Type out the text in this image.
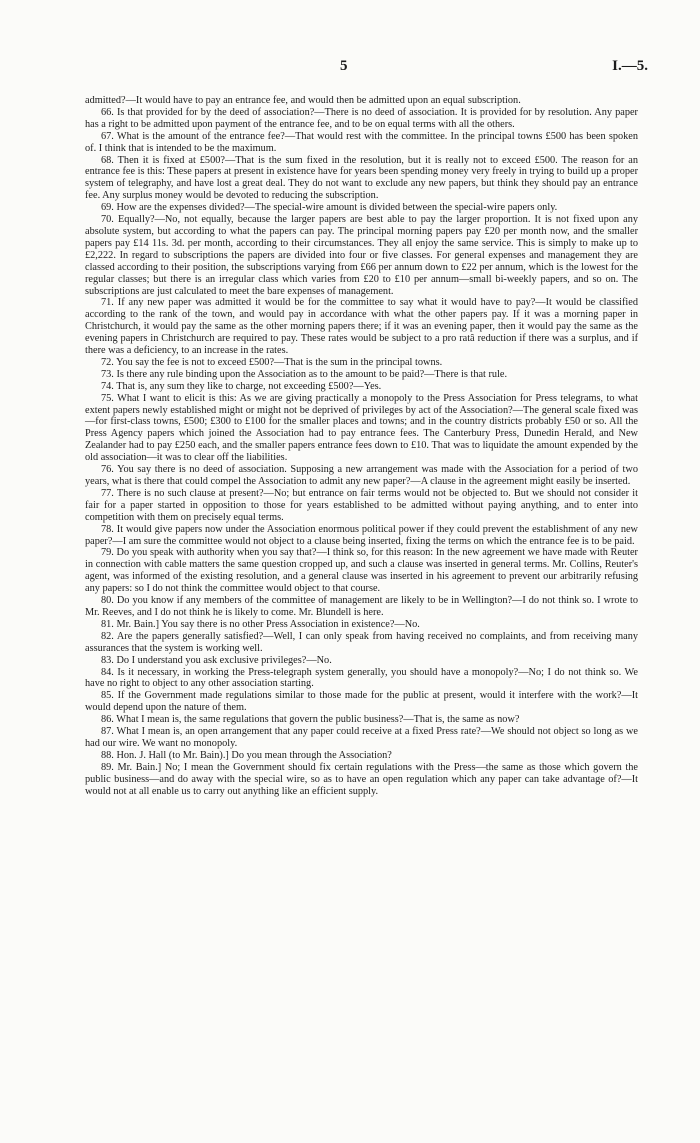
5	I.—5.

admitted?—It would have to pay an entrance fee, and would then be admitted upon an equal subscription.

66. Is that provided for by the deed of association?—There is no deed of association. It is provided for by resolution. Any paper has a right to be admitted upon payment of the entrance fee, and to be on equal terms with all the others.

67. What is the amount of the entrance fee?—That would rest with the committee. In the principal towns £500 has been spoken of. I think that is intended to be the maximum.

68. Then it is fixed at £500?—That is the sum fixed in the resolution, but it is really not to exceed £500. The reason for an entrance fee is this: These papers at present in existence have for years been spending money very freely in trying to build up a proper system of telegraphy, and have lost a great deal. They do not want to exclude any new papers, but think they should pay an entrance fee. Any surplus money would be devoted to reducing the subscription.

69. How are the expenses divided?—The special-wire amount is divided between the special-wire papers only.

70. Equally?—No, not equally, because the larger papers are best able to pay the larger proportion. It is not fixed upon any absolute system, but according to what the papers can pay. The principal morning papers pay £20 per month now, and the smaller papers pay £14 11s. 3d. per month, according to their circumstances. They all enjoy the same service. This is simply to make up to £2,222. In regard to subscriptions the papers are divided into four or five classes. For general expenses and management they are classed according to their position, the subscriptions varying from £66 per annum down to £22 per annum, which is the lowest for the regular classes; but there is an irregular class which varies from £20 to £10 per annum—small bi-weekly papers, and so on. The subscriptions are just calculated to meet the bare expenses of management.

71. If any new paper was admitted it would be for the committee to say what it would have to pay?—It would be classified according to the rank of the town, and would pay in accordance with what the other papers pay. If it was a morning paper in Christchurch, it would pay the same as the other morning papers there; if it was an evening paper, then it would pay the same as the evening papers in Christchurch are required to pay. These rates would be subject to a pro ratâ reduction if there was a surplus, and if there was a deficiency, to an increase in the rates.

72. You say the fee is not to exceed £500?—That is the sum in the principal towns.

73. Is there any rule binding upon the Association as to the amount to be paid?—There is that rule.

74. That is, any sum they like to charge, not exceeding £500?—Yes.

75. What I want to elicit is this: As we are giving practically a monopoly to the Press Association for Press telegrams, to what extent papers newly established might or might not be deprived of privileges by act of the Association?—The general scale fixed was—for first-class towns, £500; £300 to £100 for the smaller places and towns; and in the country districts probably £50 or so. All the Press Agency papers which joined the Association had to pay entrance fees. The Canterbury Press, Dunedin Herald, and New Zealander had to pay £250 each, and the smaller papers entrance fees down to £10. That was to liquidate the amount expended by the old association—it was to clear off the liabilities.

76. You say there is no deed of association. Supposing a new arrangement was made with the Association for a period of two years, what is there that could compel the Association to admit any new paper?—A clause in the agreement might easily be inserted.

77. There is no such clause at present?—No; but entrance on fair terms would not be objected to. But we should not consider it fair for a paper started in opposition to those for years established to be admitted without paying anything, and to enter into competition with them on precisely equal terms.

78. It would give papers now under the Association enormous political power if they could prevent the establishment of any new paper?—I am sure the committee would not object to a clause being inserted, fixing the terms on which the entrance fee is to be paid.

79. Do you speak with authority when you say that?—I think so, for this reason: In the new agreement we have made with Reuter in connection with cable matters the same question cropped up, and such a clause was inserted in general terms. Mr. Collins, Reuter's agent, was informed of the existing resolution, and a general clause was inserted in his agreement to prevent our arbitrarily refusing any papers: so I do not think the committee would object to that course.

80. Do you know if any members of the committee of management are likely to be in Wellington?—I do not think so. I wrote to Mr. Reeves, and I do not think he is likely to come. Mr. Blundell is here.

81. Mr. Bain.] You say there is no other Press Association in existence?—No.

82. Are the papers generally satisfied?—Well, I can only speak from having received no complaints, and from receiving many assurances that the system is working well.

83. Do I understand you ask exclusive privileges?—No.

84. Is it necessary, in working the Press-telegraph system generally, you should have a monopoly?—No; I do not think so. We have no right to object to any other association starting.

85. If the Government made regulations similar to those made for the public at present, would it interfere with the work?—It would depend upon the nature of them.

86. What I mean is, the same regulations that govern the public business?—That is, the same as now?

87. What I mean is, an open arrangement that any paper could receive at a fixed Press rate?—We should not object so long as we had our wire. We want no monopoly.

88. Hon. J. Hall (to Mr. Bain).] Do you mean through the Association?

89. Mr. Bain.] No; I mean the Government should fix certain regulations with the Press—the same as those which govern the public business—and do away with the special wire, so as to have an open regulation which any paper can take advantage of?—It would not at all enable us to carry out anything like an efficient supply.
